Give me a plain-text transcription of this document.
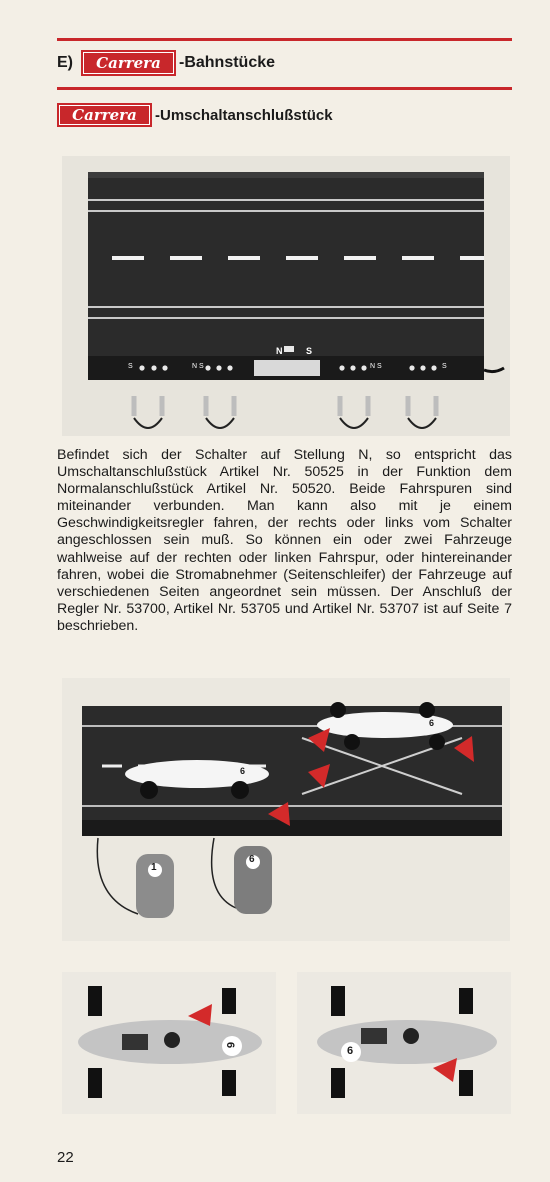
E)	Carrera	-Bahnstücke
Carrera	-Umschaltanschlußstück
N	S
S	N S	N S	S

Befindet sich der Schalter auf Stellung N, so entspricht das Umschaltanschlußstück Artikel Nr. 50525 in der Funktion dem Normalanschlußstück Artikel Nr. 50520. Beide Fahrspuren sind miteinander verbunden. Man kann also mit je einem Geschwindigkeitsregler fahren, der rechts oder links vom Schalter angeschlossen sein muß. So können ein oder zwei Fahrzeuge wahlweise auf der rechten oder linken Fahrspur, oder hintereinander fahren, wobei die Stromabnehmer (Seitenschleifer) der Fahrzeuge auf verschiedenen Seiten angeordnet sein müssen. Der Anschluß der Regler Nr. 53700, Artikel Nr. 53705 und Artikel Nr. 53707 ist auf Seite 7 beschrieben.

1
6
6
6
6	6
22
